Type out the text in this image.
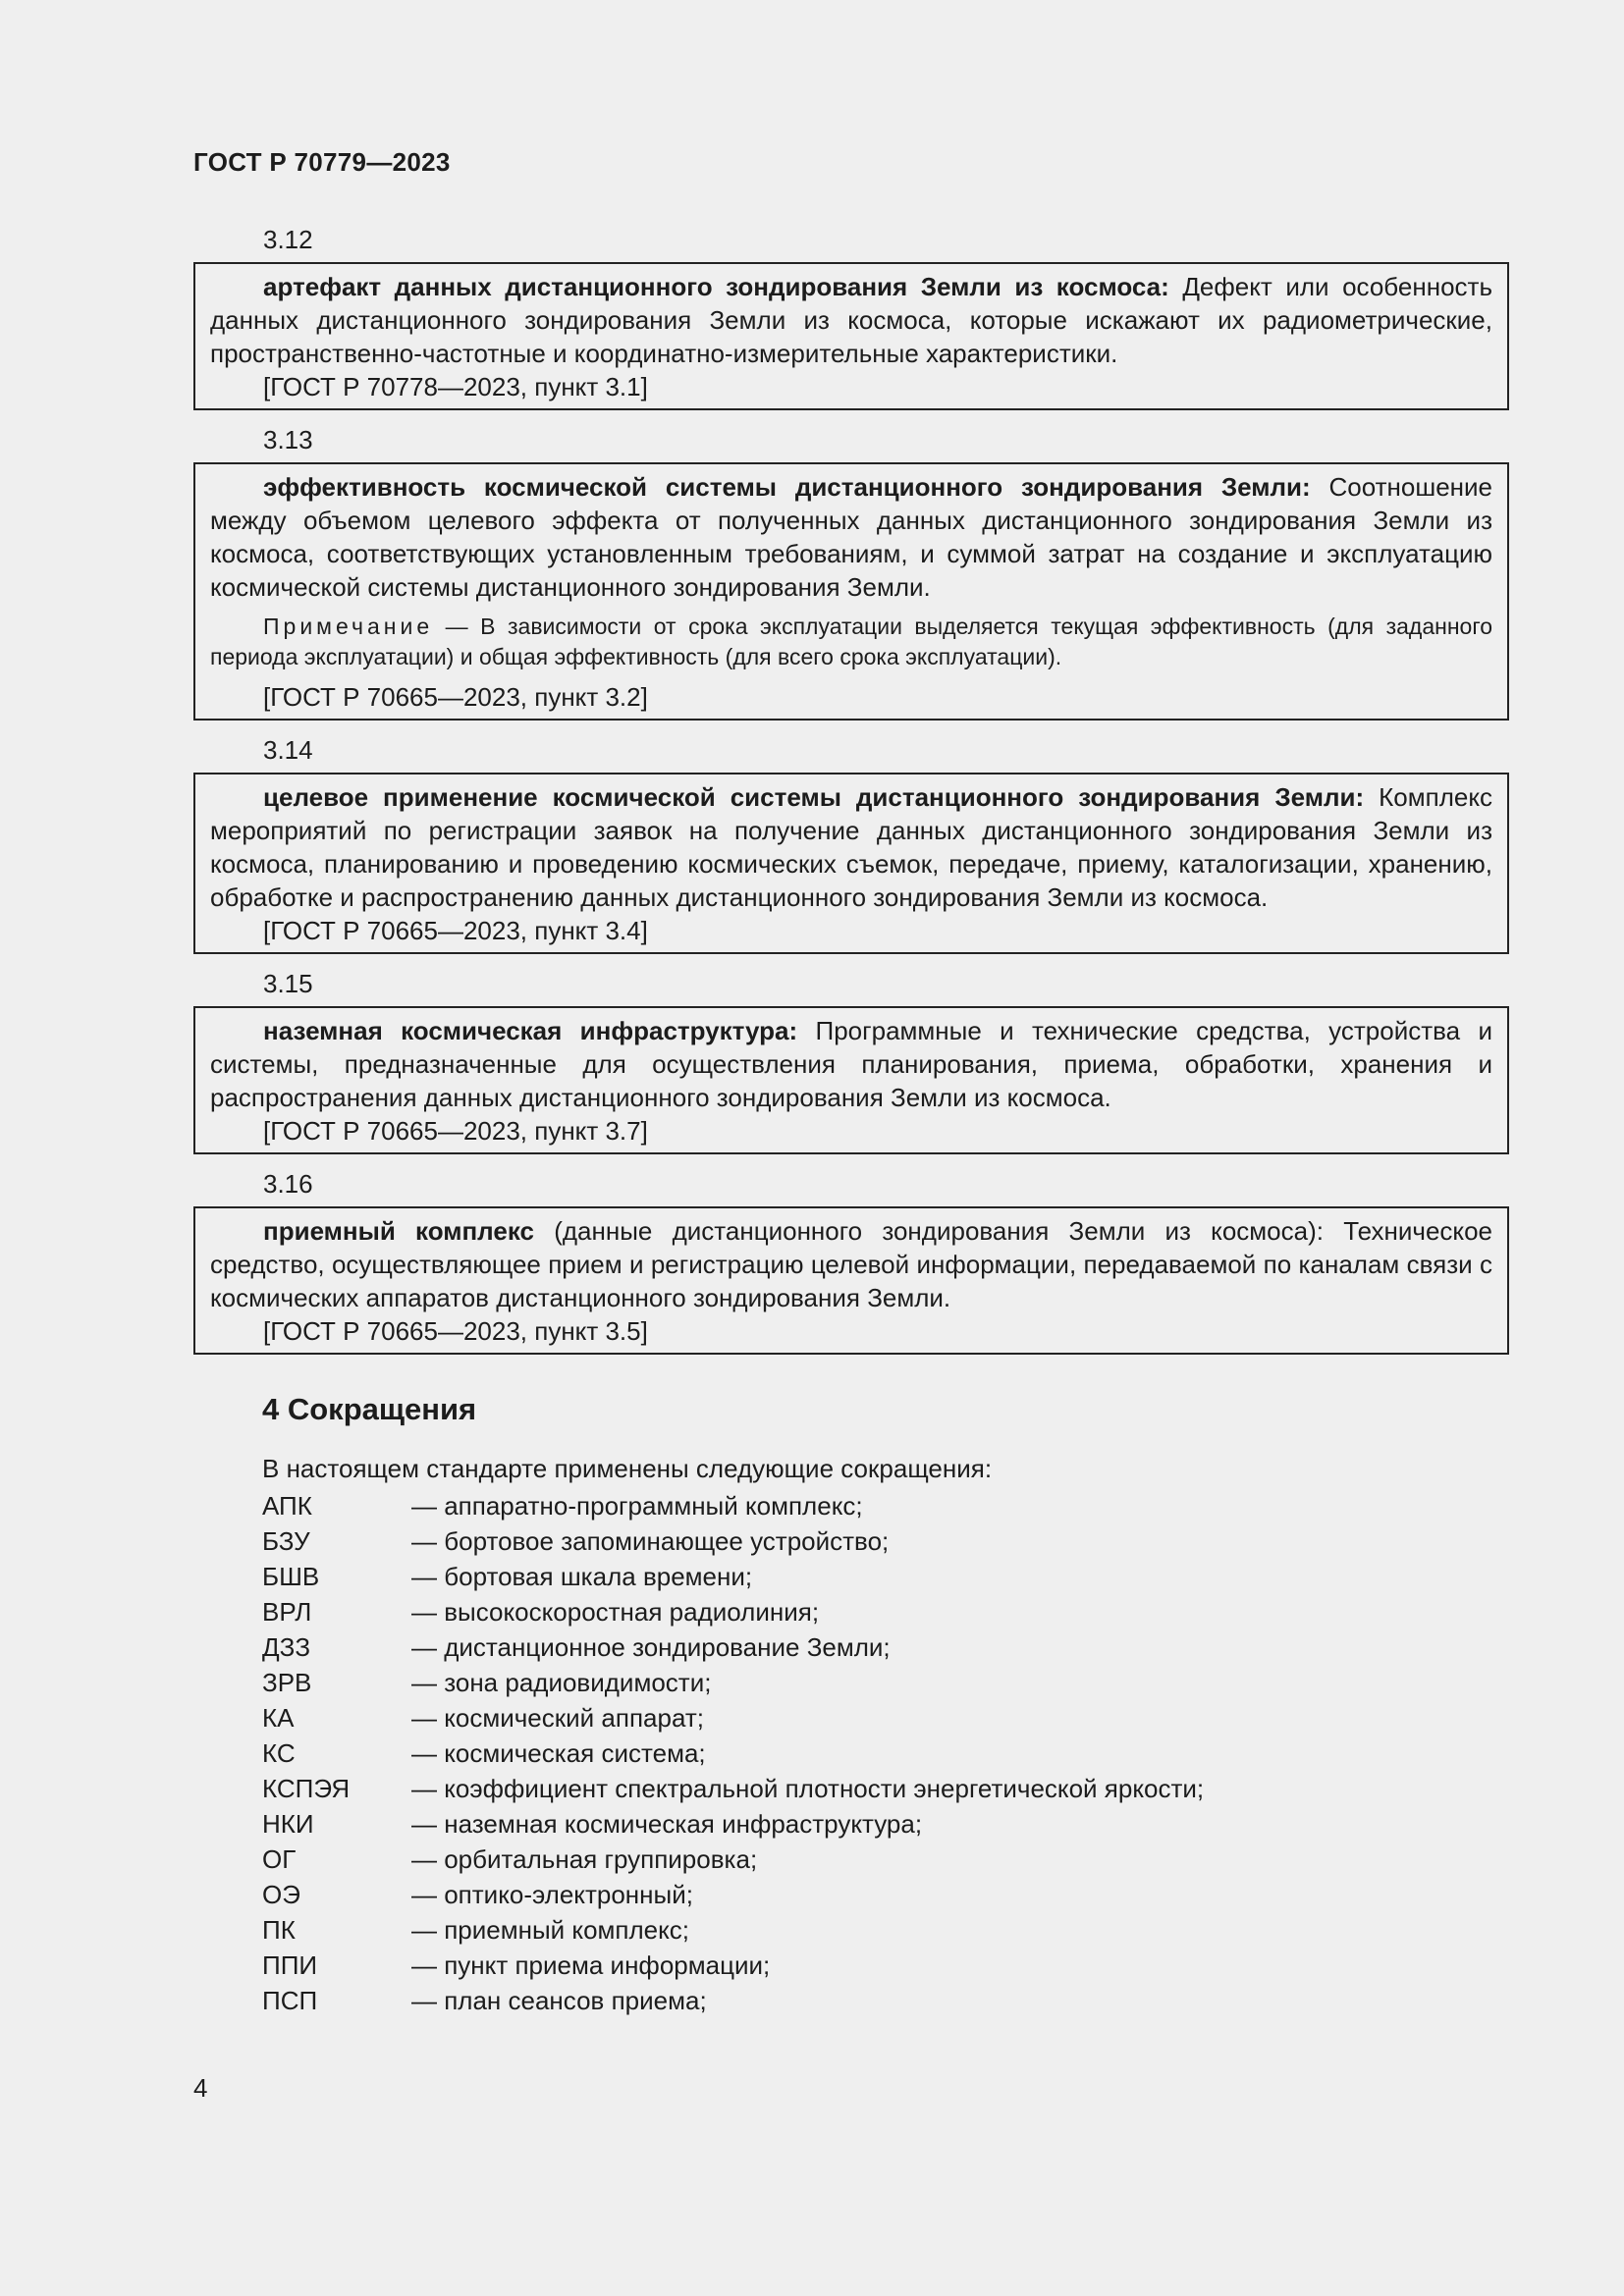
ГОСТ Р 70779—2023
3.12

артефакт данных дистанционного зондирования Земли из космоса: Дефект или особенность данных дистанционного зондирования Земли из космоса, которые искажают их радиометрические, пространственно-частотные и координатно-измерительные характеристики.

[ГОСТ Р 70778—2023, пункт 3.1]

3.13

эффективность космической системы дистанционного зондирования Земли: Соотношение между объемом целевого эффекта от полученных данных дистанционного зондирования Земли из космоса, соответствующих установленным требованиям, и суммой затрат на создание и эксплуатацию космической системы дистанционного зондирования Земли.

Примечание — В зависимости от срока эксплуатации выделяется текущая эффективность (для заданного периода эксплуатации) и общая эффективность (для всего срока эксплуатации).

[ГОСТ Р 70665—2023, пункт 3.2]

3.14

целевое применение космической системы дистанционного зондирования Земли: Комплекс мероприятий по регистрации заявок на получение данных дистанционного зондирования Земли из космоса, планированию и проведению космических съемок, передаче, приему, каталогизации, хранению, обработке и распространению данных дистанционного зондирования Земли из космоса.

[ГОСТ Р 70665—2023, пункт 3.4]

3.15

наземная космическая инфраструктура: Программные и технические средства, устройства и системы, предназначенные для осуществления планирования, приема, обработки, хранения и распространения данных дистанционного зондирования Земли из космоса.

[ГОСТ Р 70665—2023, пункт 3.7]

3.16

приемный комплекс (данные дистанционного зондирования Земли из космоса): Техническое средство, осуществляющее прием и регистрацию целевой информации, передаваемой по каналам связи с космических аппаратов дистанционного зондирования Земли.

[ГОСТ Р 70665—2023, пункт 3.5]

4 Сокращения
В настоящем стандарте применены следующие сокращения:
АПК	— аппаратно-программный комплекс;
БЗУ	— бортовое запоминающее устройство;
БШВ	— бортовая шкала времени;
ВРЛ	— высокоскоростная радиолиния;
ДЗЗ	— дистанционное зондирование Земли;
ЗРВ	— зона радиовидимости;
КА	— космический аппарат;
КС	— космическая система;
КСПЭЯ	— коэффициент спектральной плотности энергетической яркости;
НКИ	— наземная космическая инфраструктура;
ОГ	— орбитальная группировка;
ОЭ	— оптико-электронный;
ПК	— приемный комплекс;
ППИ	— пункт приема информации;
ПСП	— план сеансов приема;
4
